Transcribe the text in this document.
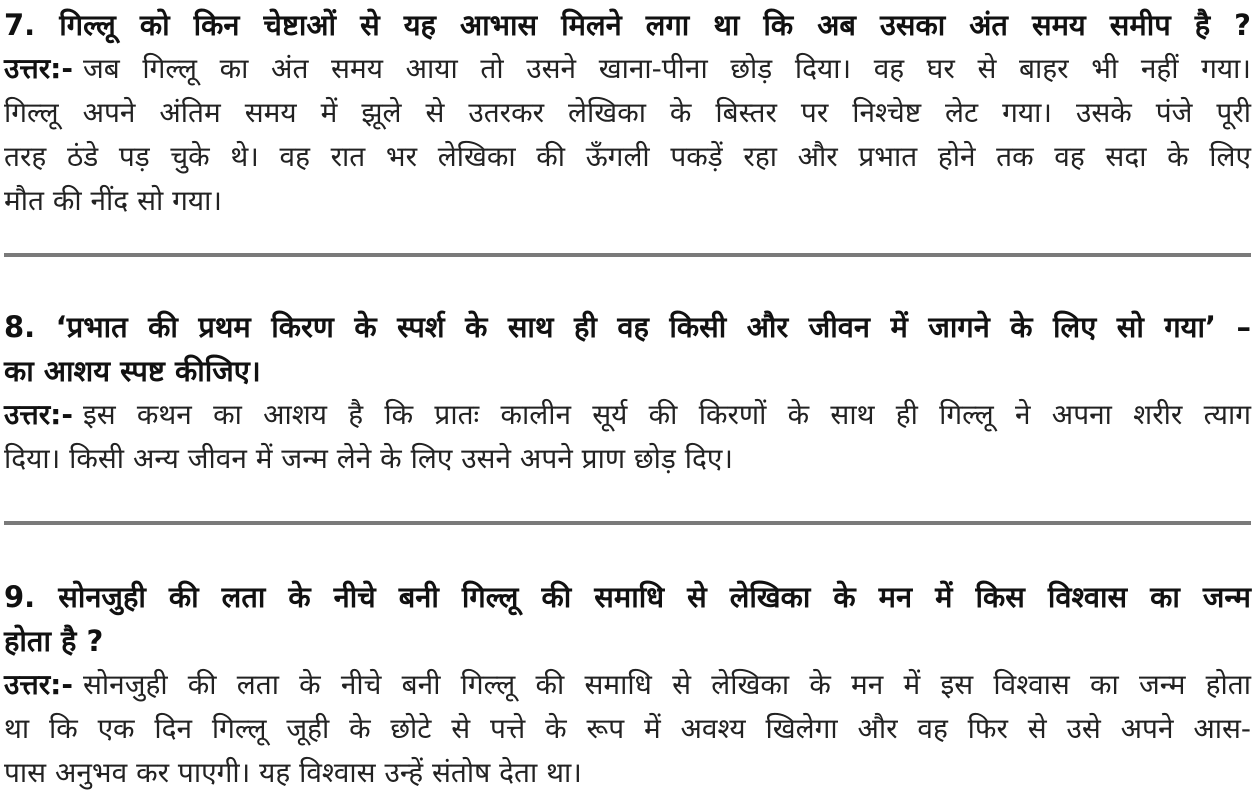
7. गिल्लू को किन चेष्टाओं से यह आभास मिलने लगा था कि अब उसका अंत समय समीप है ?
उत्तर:- जब गिल्लू का अंत समय आया तो उसने खाना-पीना छोड़ दिया। वह घर से बाहर भी नहीं गया।
गिल्लू अपने अंतिम समय में झूले से उतरकर लेखिका के बिस्तर पर निश्चेष्ट लेट गया। उसके पंजे पूरी
तरह ठंडे पड़ चुके थे। वह रात भर लेखिका की ऊँगली पकड़ें रहा और प्रभात होने तक वह सदा के लिए
मौत की नींद सो गया।
8. ‘प्रभात की प्रथम किरण के स्पर्श के साथ ही वह किसी और जीवन में जागने के लिए सो गया’ –
का आशय स्पष्ट कीजिए।
उत्तर:- इस कथन का आशय है कि प्रातः कालीन सूर्य की किरणों के साथ ही गिल्लू ने अपना शरीर त्याग
दिया। किसी अन्य जीवन में जन्म लेने के लिए उसने अपने प्राण छोड़ दिए।
9. सोनजुही की लता के नीचे बनी गिल्लू की समाधि से लेखिका के मन में किस विश्वास का जन्म
होता है ?
उत्तर:- सोनजुही की लता के नीचे बनी गिल्लू की समाधि से लेखिका के मन में इस विश्वास का जन्म होता
था कि एक दिन गिल्लू जूही के छोटे से पत्ते के रूप में अवश्य खिलेगा और वह फिर से उसे अपने आस-
पास अनुभव कर पाएगी। यह विश्वास उन्हें संतोष देता था।
